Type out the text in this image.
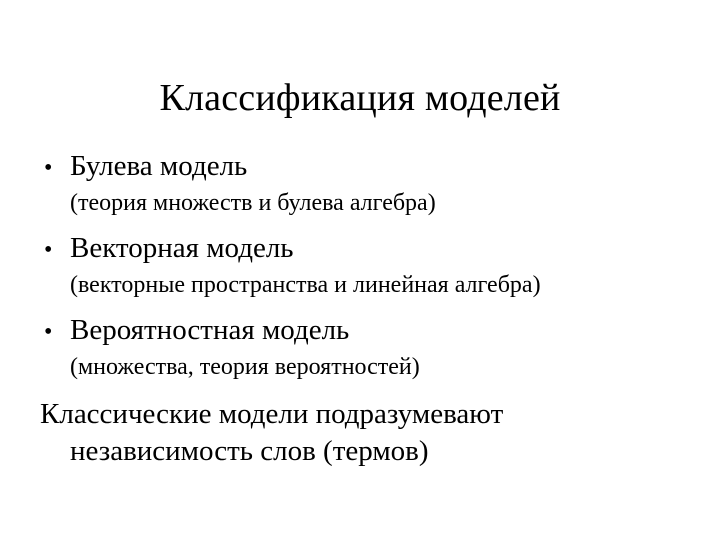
Классификация моделей
• Булева модель
(теория множеств и булева алгебра)
• Векторная модель
(векторные пространства и линейная алгебра)
• Вероятностная модель
(множества, теория вероятностей)
Классические модели подразумевают
независимость слов (термов)
